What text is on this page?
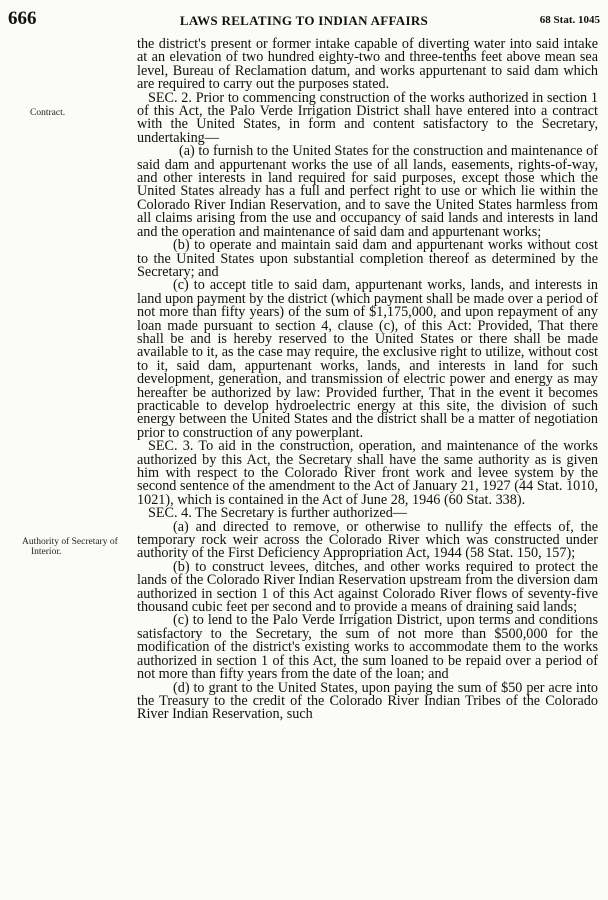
666	LAWS RELATING TO INDIAN AFFAIRS	68 Stat. 1045
Contract.
Authority of Secretary of Interior.

the district's present or former intake capable of diverting water into said intake at an elevation of two hundred eighty-two and three-tenths feet above mean sea level, Bureau of Reclamation datum, and works appurtenant to said dam which are required to carry out the purposes stated.

SEC. 2. Prior to commencing construction of the works authorized in section 1 of this Act, the Palo Verde Irrigation District shall have entered into a contract with the United States, in form and content satisfactory to the Secretary, undertaking—

(a) to furnish to the United States for the construction and maintenance of said dam and appurtenant works the use of all lands, easements, rights-of-way, and other interests in land required for said purposes, except those which the United States already has a full and perfect right to use or which lie within the Colorado River Indian Reservation, and to save the United States harmless from all claims arising from the use and occupancy of said lands and interests in land and the operation and maintenance of said dam and appurtenant works;

(b) to operate and maintain said dam and appurtenant works without cost to the United States upon substantial completion thereof as determined by the Secretary; and

(c) to accept title to said dam, appurtenant works, lands, and interests in land upon payment by the district (which payment shall be made over a period of not more than fifty years) of the sum of $1,175,000, and upon repayment of any loan made pursuant to section 4, clause (c), of this Act: Provided, That there shall be and is hereby reserved to the United States or there shall be made available to it, as the case may require, the exclusive right to utilize, without cost to it, said dam, appurtenant works, lands, and interests in land for such development, generation, and transmission of electric power and energy as may hereafter be authorized by law: Provided further, That in the event it becomes practicable to develop hydroelectric energy at this site, the division of such energy between the United States and the district shall be a matter of negotiation prior to construction of any powerplant.

SEC. 3. To aid in the construction, operation, and maintenance of the works authorized by this Act, the Secretary shall have the same authority as is given him with respect to the Colorado River front work and levee system by the second sentence of the amendment to the Act of January 21, 1927 (44 Stat. 1010, 1021), which is contained in the Act of June 28, 1946 (60 Stat. 338).

SEC. 4. The Secretary is further authorized—

(a) and directed to remove, or otherwise to nullify the effects of, the temporary rock weir across the Colorado River which was constructed under authority of the First Deficiency Appropriation Act, 1944 (58 Stat. 150, 157);

(b) to construct levees, ditches, and other works required to protect the lands of the Colorado River Indian Reservation upstream from the diversion dam authorized in section 1 of this Act against Colorado River flows of seventy-five thousand cubic feet per second and to provide a means of draining said lands;

(c) to lend to the Palo Verde Irrigation District, upon terms and conditions satisfactory to the Secretary, the sum of not more than $500,000 for the modification of the district's existing works to accommodate them to the works authorized in section 1 of this Act, the sum loaned to be repaid over a period of not more than fifty years from the date of the loan; and

(d) to grant to the United States, upon paying the sum of $50 per acre into the Treasury to the credit of the Colorado River Indian Tribes of the Colorado River Indian Reservation, such
